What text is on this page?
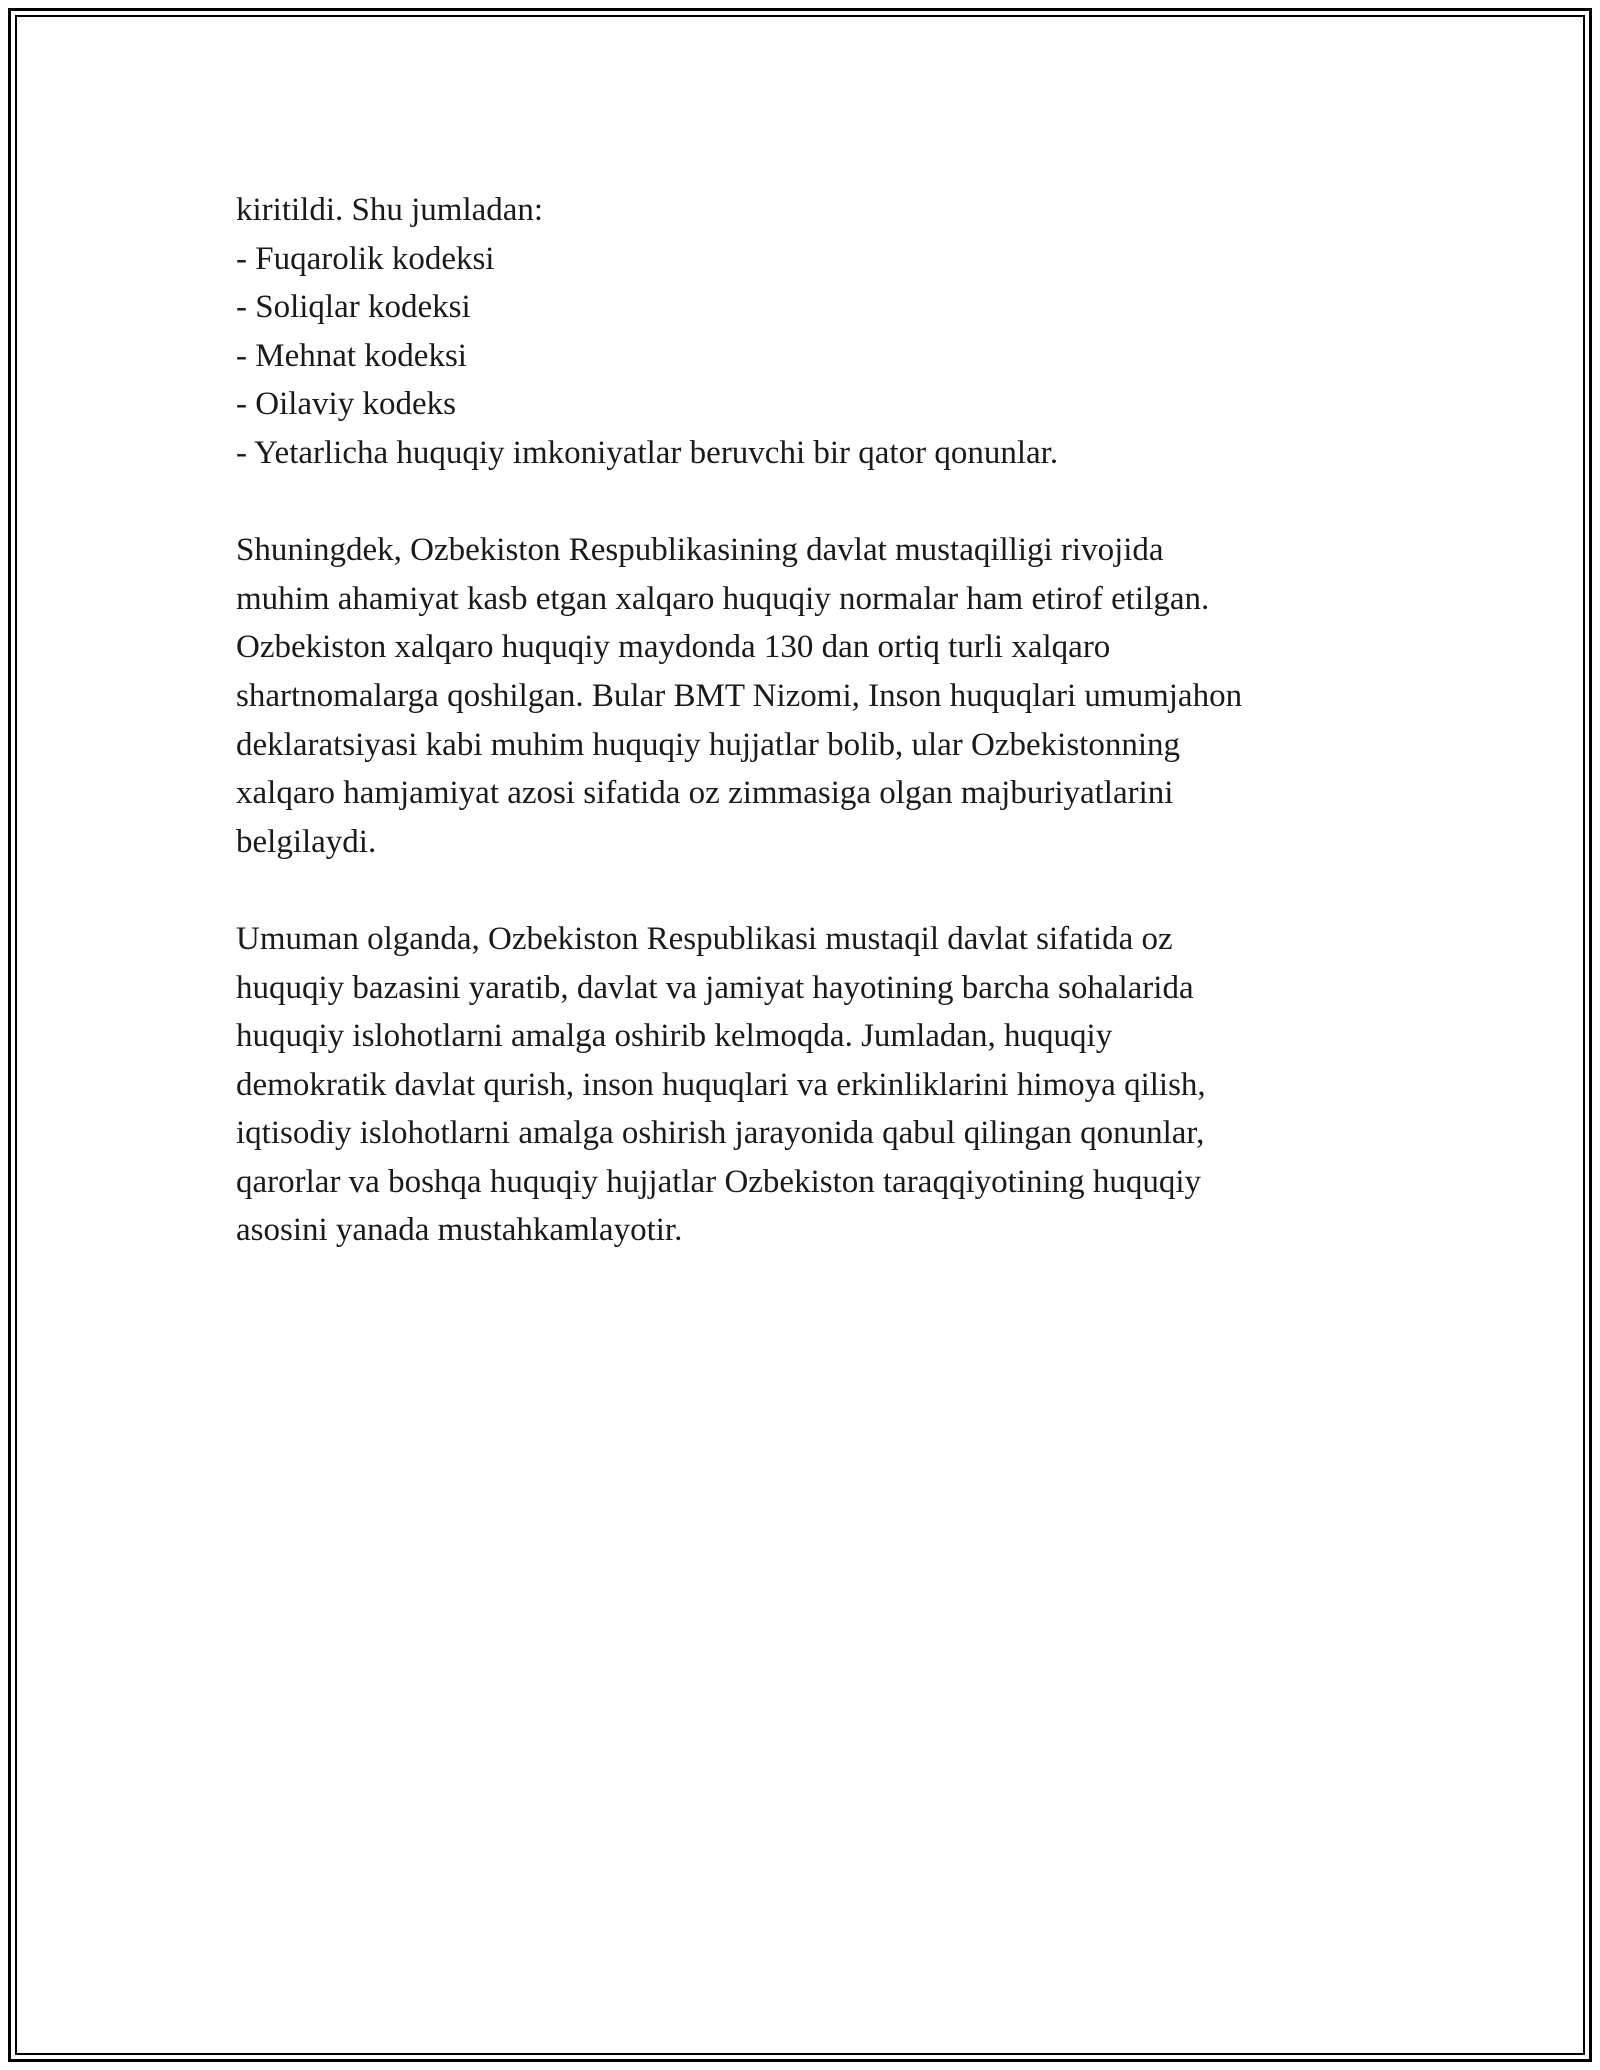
kiritildi. Shu jumladan:
- Fuqarolik kodeksi
- Soliqlar kodeksi
- Mehnat kodeksi
- Oilaviy kodeks
- Yetarlicha huquqiy imkoniyatlar beruvchi bir qator qonunlar.

Shuningdek, Ozbekiston Respublikasining davlat mustaqilligi rivojida
muhim ahamiyat kasb etgan xalqaro huquqiy normalar ham etirof etilgan.
Ozbekiston xalqaro huquqiy maydonda 130 dan ortiq turli xalqaro
shartnomalarga qoshilgan. Bular BMT Nizomi, Inson huquqlari umumjahon
deklaratsiyasi kabi muhim huquqiy hujjatlar bolib, ular Ozbekistonning
xalqaro hamjamiyat azosi sifatida oz zimmasiga olgan majburiyatlarini
belgilaydi.

Umuman olganda, Ozbekiston Respublikasi mustaqil davlat sifatida oz
huquqiy bazasini yaratib, davlat va jamiyat hayotining barcha sohalarida
huquqiy islohotlarni amalga oshirib kelmoqda. Jumladan, huquqiy
demokratik davlat qurish, inson huquqlari va erkinliklarini himoya qilish,
iqtisodiy islohotlarni amalga oshirish jarayonida qabul qilingan qonunlar,
qarorlar va boshqa huquqiy hujjatlar Ozbekiston taraqqiyotining huquqiy
asosini yanada mustahkamlayotir.
